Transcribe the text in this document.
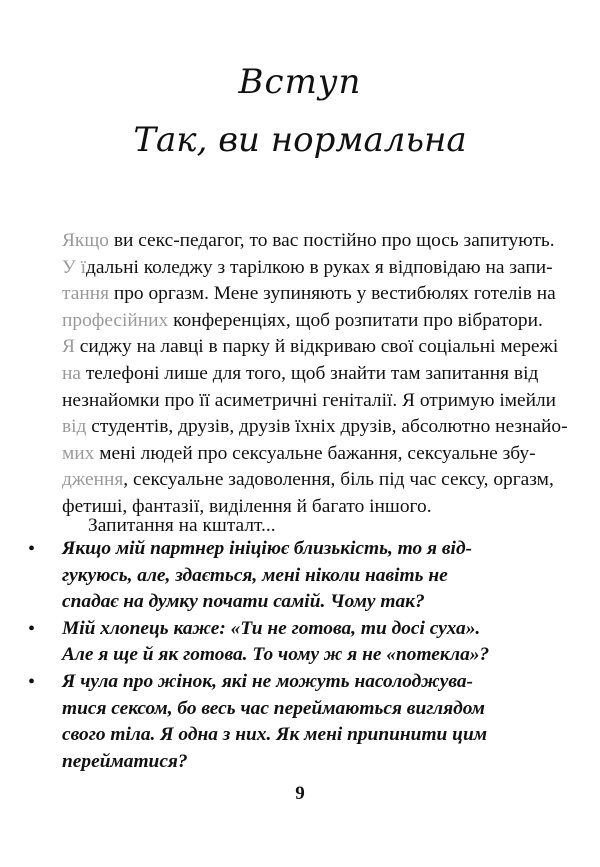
Вступ
Так, ви нормальна
Якщо ви секс-педагог, то вас постійно про щось запитують.
У їдальні коледжу з тарілкою в руках я відповідаю на запи-
тання про оргазм. Мене зупиняють у вестибюлях готелів на
професійних конференціях, щоб розпитати про вібратори.
Я сиджу на лавці в парку й відкриваю свої соціальні мережі
на телефоні лише для того, щоб знайти там запитання від
незнайомки про її асиметричні геніталії. Я отримую імейли
від студентів, друзів, друзів їхніх друзів, абсолютно незнайо-
мих мені людей про сексуальне бажання, сексуальне збу-
дження, сексуальне задоволення, біль під час сексу, оргазм,
фетиші, фантазії, виділення й багато іншого.
Запитання на кшталт...
• Якщо мій партнер ініціює близькість, то я від-
гукуюсь, але, здається, мені ніколи навіть не
спадає на думку почати самій. Чому так?
• Мій хлопець каже: «Ти не готова, ти досі суха».
Але я ще й як готова. То чому ж я не «потекла»?
• Я чула про жінок, які не можуть насолоджува-
тися сексом, бо весь час переймаються виглядом
свого тіла. Я одна з них. Як мені припинити цим
перейматися?
9
